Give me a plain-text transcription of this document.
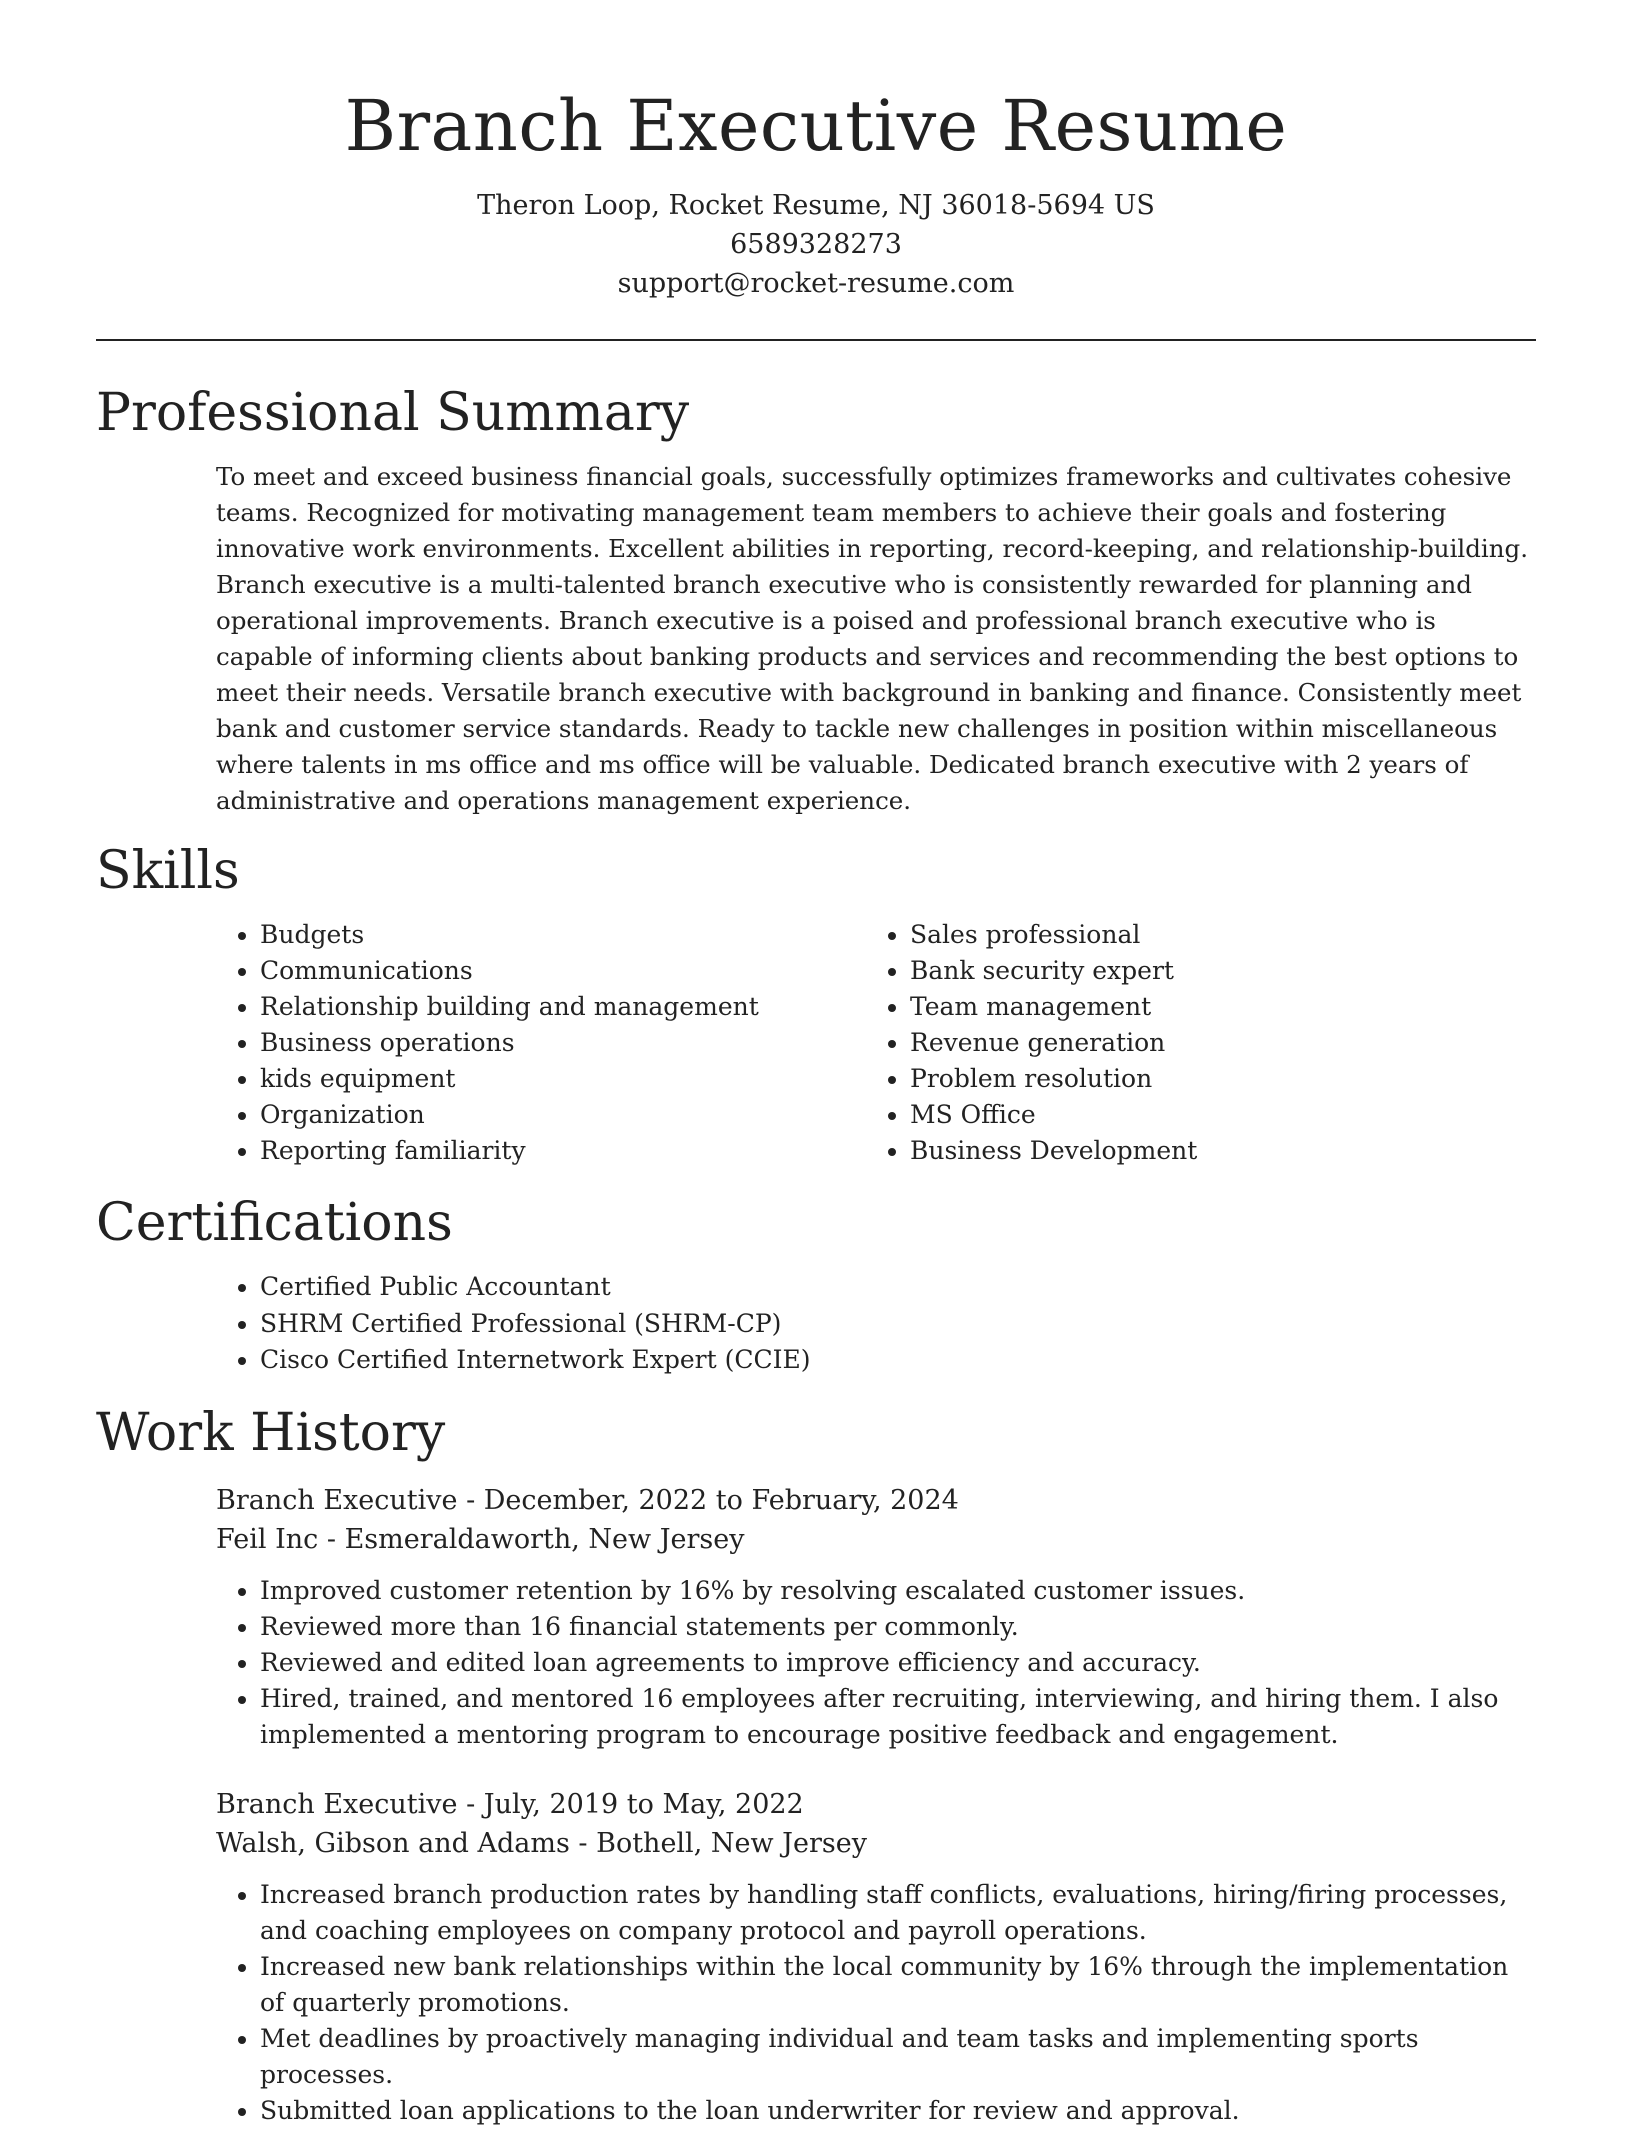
Branch Executive Resume
Theron Loop, Rocket Resume, NJ 36018-5694 US
6589328273
support@rocket-resume.com
Professional Summary

To meet and exceed business financial goals, successfully optimizes frameworks and cultivates cohesive teams. Recognized for motivating management team members to achieve their goals and fostering innovative work environments. Excellent abilities in reporting, record-keeping, and relationship-building. Branch executive is a multi-talented branch executive who is consistently rewarded for planning and operational improvements. Branch executive is a poised and professional branch executive who is capable of informing clients about banking products and services and recommending the best options to meet their needs. Versatile branch executive with background in banking and finance. Consistently meet bank and customer service standards. Ready to tackle new challenges in position within miscellaneous where talents in ms office and ms office will be valuable. Dedicated branch executive with 2 years of administrative and operations management experience.

Skills
• Budgets
• Communications
• Relationship building and management
• Business operations
• kids equipment
• Organization
• Reporting familiarity
• Sales professional
• Bank security expert
• Team management
• Revenue generation
• Problem resolution
• MS Office
• Business Development
Certifications
• Certified Public Accountant
• SHRM Certified Professional (SHRM-CP)
• Cisco Certified Internetwork Expert (CCIE)
Work History
Branch Executive - December, 2022 to February, 2024
Feil Inc - Esmeraldaworth, New Jersey
• Improved customer retention by 16% by resolving escalated customer issues.
• Reviewed more than 16 financial statements per commonly.
• Reviewed and edited loan agreements to improve efficiency and accuracy.
• Hired, trained, and mentored 16 employees after recruiting, interviewing, and hiring them. I also implemented a mentoring program to encourage positive feedback and engagement.
Branch Executive - July, 2019 to May, 2022
Walsh, Gibson and Adams - Bothell, New Jersey
• Increased branch production rates by handling staff conflicts, evaluations, hiring/firing processes, and coaching employees on company protocol and payroll operations.
• Increased new bank relationships within the local community by 16% through the implementation of quarterly promotions.
• Met deadlines by proactively managing individual and team tasks and implementing sports processes.
• Submitted loan applications to the loan underwriter for review and approval.
